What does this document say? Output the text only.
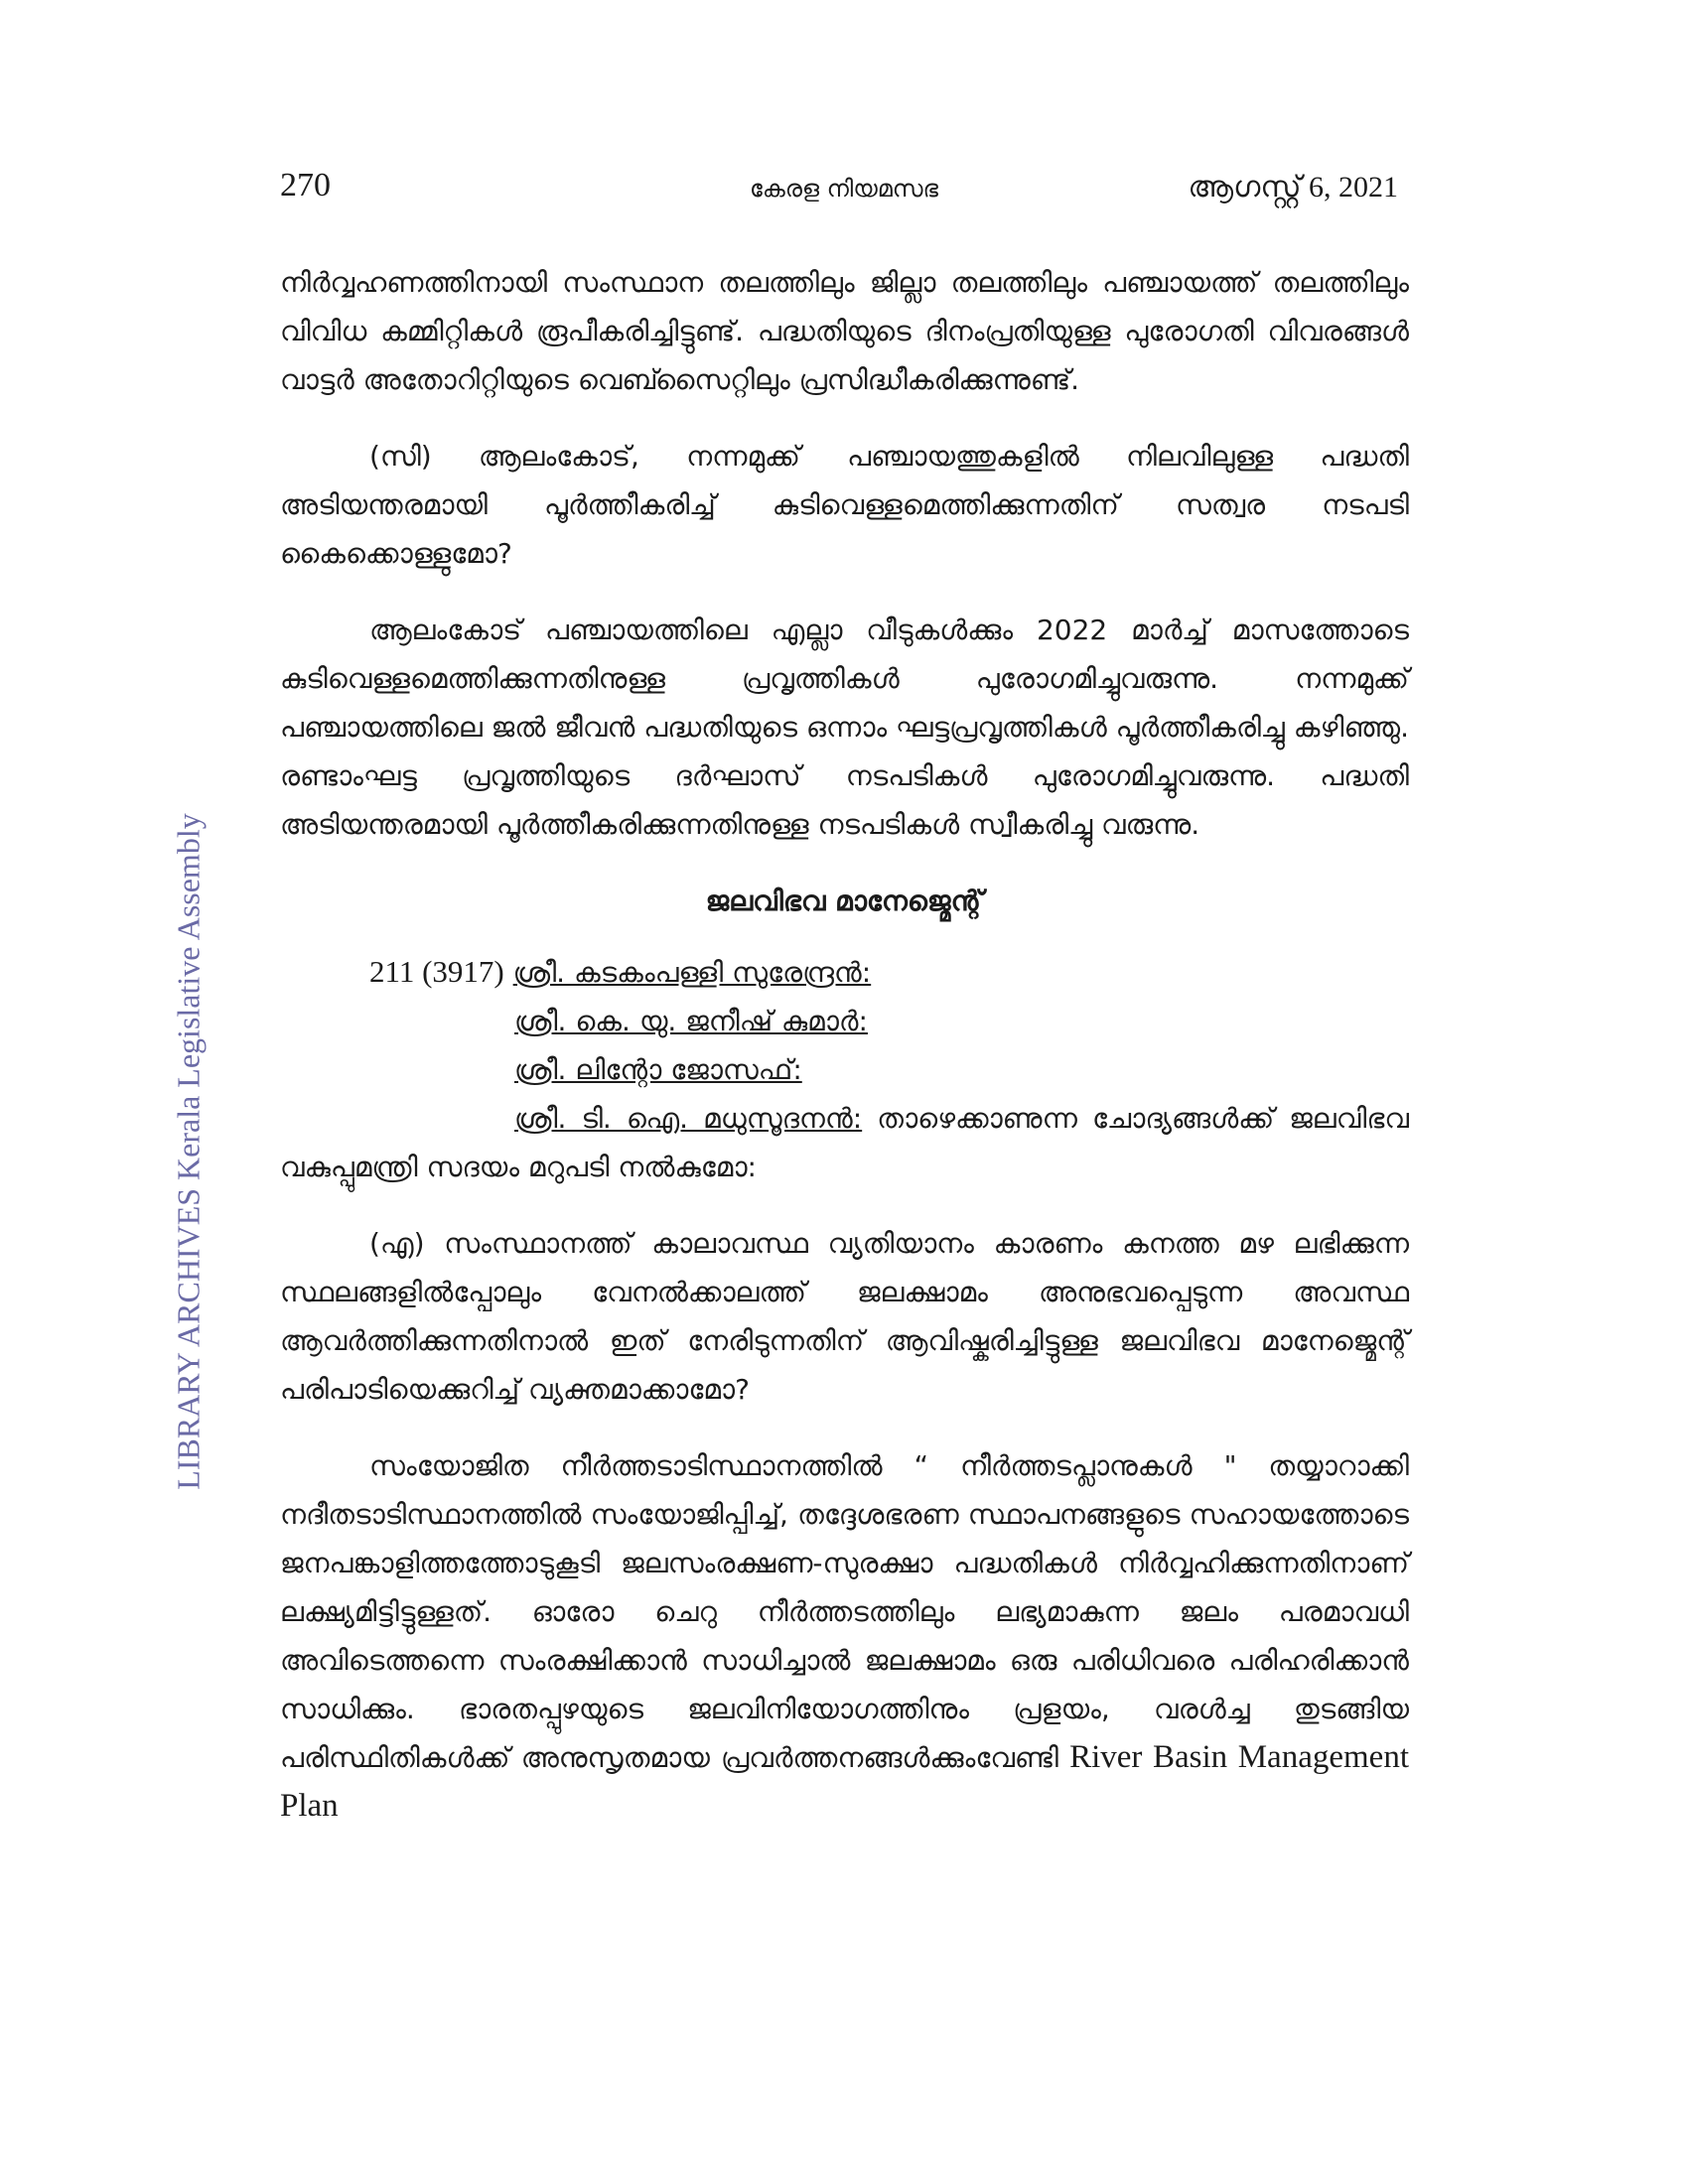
270	കേരള നിയമസഭ	ആഗസ്റ്റ് 6, 2021
LIBRARY ARCHIVES Kerala Legislative Assembly

നിർവ്വഹണത്തിനായി സംസ്ഥാന തലത്തിലും ജില്ലാ തലത്തിലും പഞ്ചായത്ത് തലത്തിലും വിവിധ കമ്മിറ്റികൾ രൂപീകരിച്ചിട്ടുണ്ട്. പദ്ധതിയുടെ ദിനംപ്രതിയുള്ള പുരോഗതി വിവരങ്ങൾ വാട്ടർ അതോറിറ്റിയുടെ വെബ്സൈറ്റിലും പ്രസിദ്ധീകരിക്കുന്നുണ്ട്.

(സി) ആലംകോട്, നന്നമുക്ക് പഞ്ചായത്തുകളിൽ നിലവിലുള്ള പദ്ധതി അടിയന്തരമായി പൂർത്തീകരിച്ച് കുടിവെള്ളമെത്തിക്കുന്നതിന് സത്വര നടപടി കൈക്കൊള്ളുമോ?

ആലംകോട് പഞ്ചായത്തിലെ എല്ലാ വീടുകൾക്കും 2022 മാർച്ച് മാസത്തോടെ കുടിവെള്ളമെത്തിക്കുന്നതിനുള്ള പ്രവൃത്തികൾ പുരോഗമിച്ചുവരുന്നു. നന്നമുക്ക് പഞ്ചായത്തിലെ ജൽ ജീവൻ പദ്ധതിയുടെ ഒന്നാം ഘട്ടപ്രവൃത്തികൾ പൂർത്തീകരിച്ചു കഴിഞ്ഞു. രണ്ടാംഘട്ട പ്രവൃത്തിയുടെ ദർഘാസ് നടപടികൾ പുരോഗമിച്ചുവരുന്നു. പദ്ധതി അടിയന്തരമായി പൂർത്തീകരിക്കുന്നതിനുള്ള നടപടികൾ സ്വീകരിച്ചു വരുന്നു.

ജലവിഭവ മാനേജ്മെന്റ്
211 (3917) ശ്രീ. കടകംപള്ളി സുരേന്ദ്രൻ:
ശ്രീ. കെ. യു. ജനീഷ് കുമാർ:
ശ്രീ. ലിന്റോ ജോസഫ്:

ശ്രീ. ടി. ഐ. മധുസൂദനൻ: താഴെക്കാണുന്ന ചോദ്യങ്ങൾക്ക് ജലവിഭവ വകുപ്പുമന്ത്രി സദയം മറുപടി നൽകുമോ:

(എ) സംസ്ഥാനത്ത് കാലാവസ്ഥ വ്യതിയാനം കാരണം കനത്ത മഴ ലഭിക്കുന്ന സ്ഥലങ്ങളിൽപ്പോലും വേനൽക്കാലത്ത് ജലക്ഷാമം അനുഭവപ്പെടുന്ന അവസ്ഥ ആവർത്തിക്കുന്നതിനാൽ ഇത് നേരിടുന്നതിന് ആവിഷ്കരിച്ചിട്ടുള്ള ജലവിഭവ മാനേജ്മെന്റ് പരിപാടിയെക്കുറിച്ച് വ്യക്തമാക്കാമോ?

സംയോജിത നീർത്തടാടിസ്ഥാനത്തിൽ “ നീർത്തടപ്ലാനുകൾ " തയ്യാറാക്കി നദീതടാടിസ്ഥാനത്തിൽ സംയോജിപ്പിച്ച്, തദ്ദേശഭരണ സ്ഥാപനങ്ങളുടെ സഹായത്തോടെ ജനപങ്കാളിത്തത്തോടുകൂടി ജലസംരക്ഷണ-സുരക്ഷാ പദ്ധതികൾ നിർവ്വഹിക്കുന്നതിനാണ് ലക്ഷ്യമിട്ടിട്ടുള്ളത്. ഓരോ ചെറു നീർത്തടത്തിലും ലഭ്യമാകുന്ന ജലം പരമാവധി അവിടെത്തന്നെ സംരക്ഷിക്കാൻ സാധിച്ചാൽ ജലക്ഷാമം ഒരു പരിധിവരെ പരിഹരിക്കാൻ സാധിക്കും. ഭാരതപ്പുഴയുടെ ജലവിനിയോഗത്തിനും പ്രളയം, വരൾച്ച തുടങ്ങിയ പരിസ്ഥിതികൾക്ക് അനുസൃതമായ പ്രവർത്തനങ്ങൾക്കുംവേണ്ടി River Basin Management Plan
